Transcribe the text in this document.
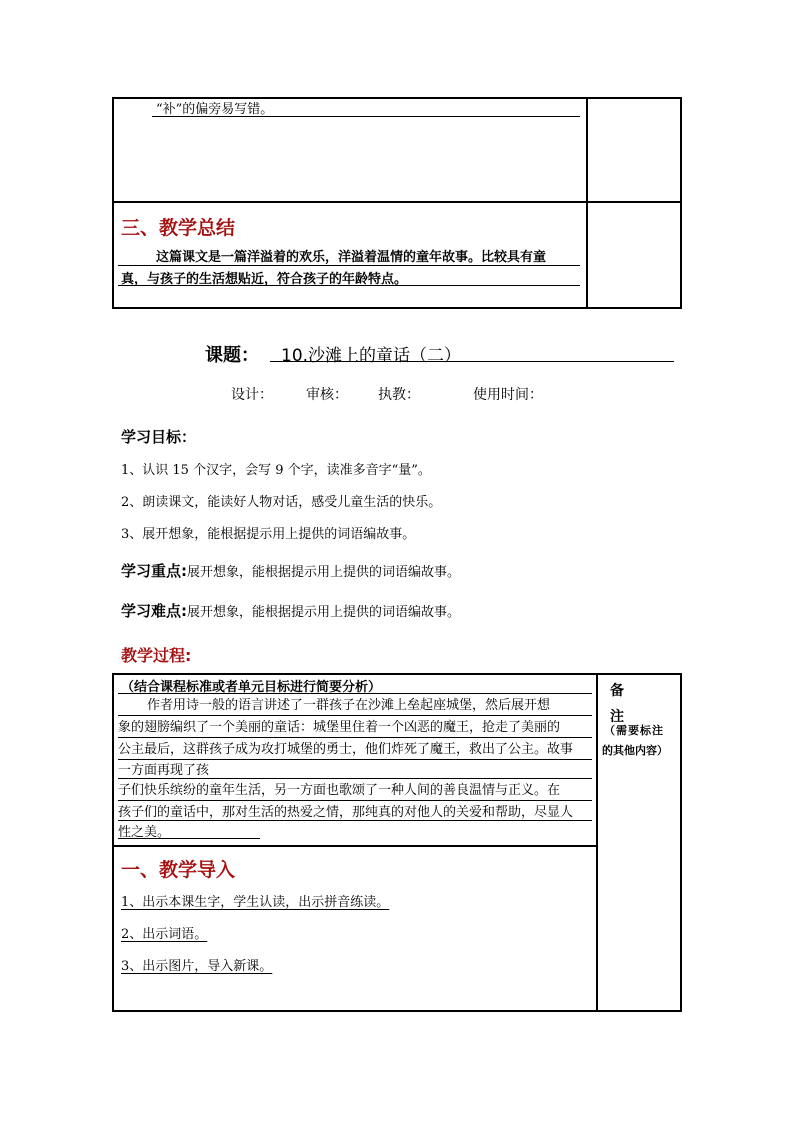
“补”的偏旁易写错。
三、教学总结
这篇课文是一篇洋溢着的欢乐，洋溢着温情的童年故事。比较具有童
真，与孩子的生活想贴近，符合孩子的年龄特点。
课题： 10.沙滩上的童话（二）
设计： 审核： 执教：	使用时间：
学习目标：
1、认识 15 个汉字，会写 9 个字，读准多音字“量”。
2、朗读课文，能读好人物对话，感受儿童生活的快乐。
3、展开想象，能根据提示用上提供的词语编故事。
学习重点:展开想象，能根据提示用上提供的词语编故事。
学习难点:展开想象，能根据提示用上提供的词语编故事。
教学过程:
（结合课程标准或者单元目标进行简要分析）
作者用诗一般的语言讲述了一群孩子在沙滩上垒起座城堡，然后展开想
象的翅膀编织了一个美丽的童话：城堡里住着一个凶恶的魔王，抢走了美丽的
公主最后，这群孩子成为攻打城堡的勇士，他们炸死了魔王，救出了公主。故事
一方面再现了孩
子们快乐缤纷的童年生活，另一方面也歌颂了一种人间的善良温情与正义。在
孩子们的童话中，那对生活的热爱之情，那纯真的对他人的关爱和帮助，尽显人
性之美。
备注
（需要标注
的其他内容）
一、教学导入
1、出示本课生字，学生认读，出示拼音练读。
2、出示词语。
3、出示图片，导入新课。
